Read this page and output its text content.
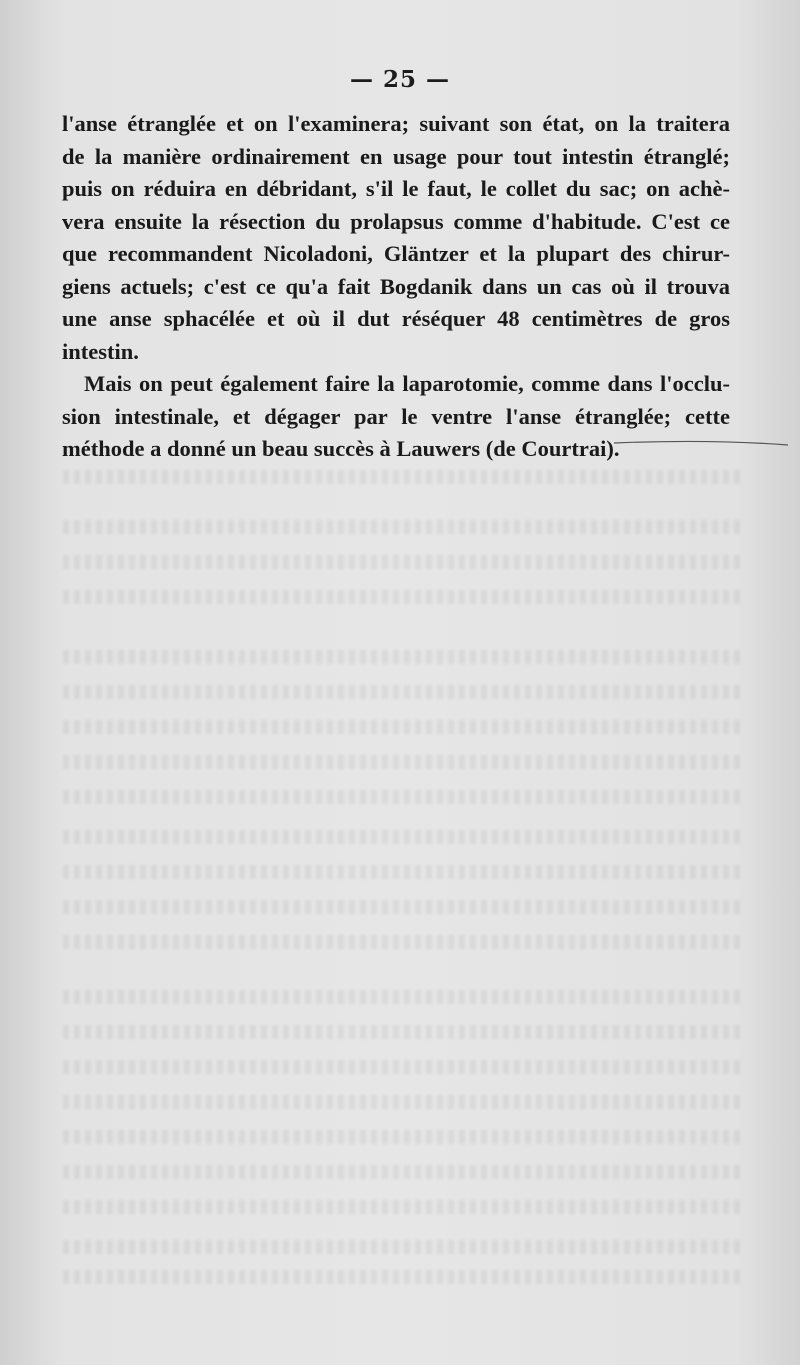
— 25 —

l'anse étranglée et on l'examinera; suivant son état, on la traitera
de la manière ordinairement en usage pour tout intestin étranglé;
puis on réduira en débridant, s'il le faut, le collet du sac; on achè-
vera ensuite la résection du prolapsus comme d'habitude. C'est ce
que recommandent Nicoladoni, Gläntzer et la plupart des chirur-
giens actuels; c'est ce qu'a fait Bogdanik dans un cas où il trouva
une anse sphacélée et où il dut réséquer 48 centimètres de gros
intestin.

Mais on peut également faire la laparotomie, comme dans l'occlu-
sion intestinale, et dégager par le ventre l'anse étranglée; cette
méthode a donné un beau succès à Lauwers (de Courtrai).
